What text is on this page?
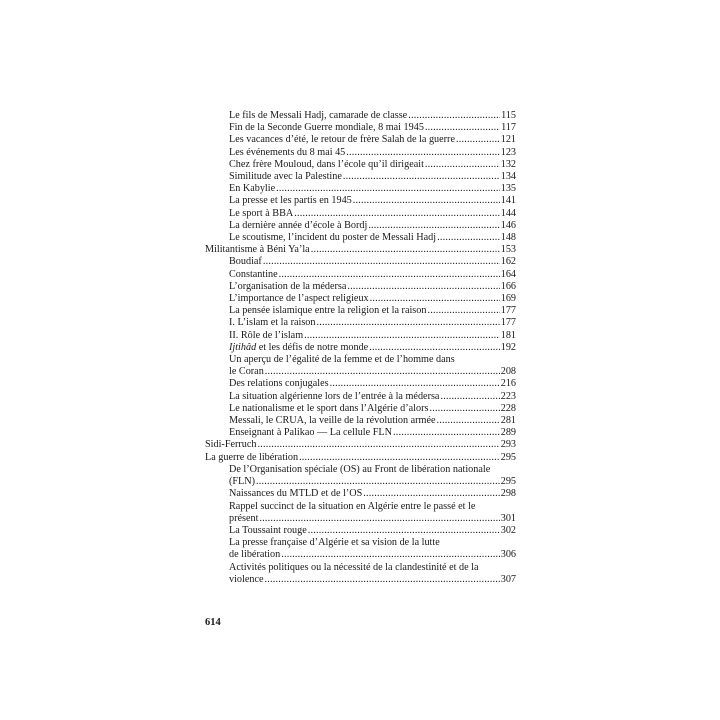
Le fils de Messali Hadj, camarade de classe .....	115
Fin de la Seconde Guerre mondiale, 8 mai 1945 .....	117
Les vacances d’été, le retour de frère Salah de la guerre .....	121
Les événements du 8 mai 45 .....	123
Chez frère Mouloud, dans l’école qu’il dirigeait .....	132
Similitude avec la Palestine .....	134
En Kabylie .....	135
La presse et les partis en 1945 .....	141
Le sport à BBA .....	144
La dernière année d’école à Bordj .....	146
Le scoutisme, l’incident du poster de Messali Hadj .....	148
Militantisme à Béni Ya’la .....	153
Boudiaf .....	162
Constantine .....	164
L’organisation de la médersa .....	166
L’importance de l’aspect religieux .....	169
La pensée islamique entre la religion et la raison .....	177
I. L’islam et la raison .....	177
II. Rôle de l’islam .....	181
Ijtihâd et les défis de notre monde .....	192
Un aperçu de l’égalité de la femme et de l’homme dans
le Coran .....	208
Des relations conjugales .....	216
La situation algérienne lors de l’entrée à la médersa .....	223
Le nationalisme et le sport dans l’Algérie d’alors .....	228
Messali, le CRUA, la veille de la révolution armée .....	281
Enseignant à Palikao — La cellule FLN .....	289
Sidi-Ferruch .....	293
La guerre de libération .....	295
De l’Organisation spéciale (OS) au Front de libération nationale
(FLN) .....	295
Naissances du MTLD et de l’OS .....	298
Rappel succinct de la situation en Algérie entre le passé et le
présent .....	301
La Toussaint rouge .....	302
La presse française d’Algérie et sa vision de la lutte
de libération .....	306
Activités politiques ou la nécessité de la clandestinité et de la
violence .....	307
614
